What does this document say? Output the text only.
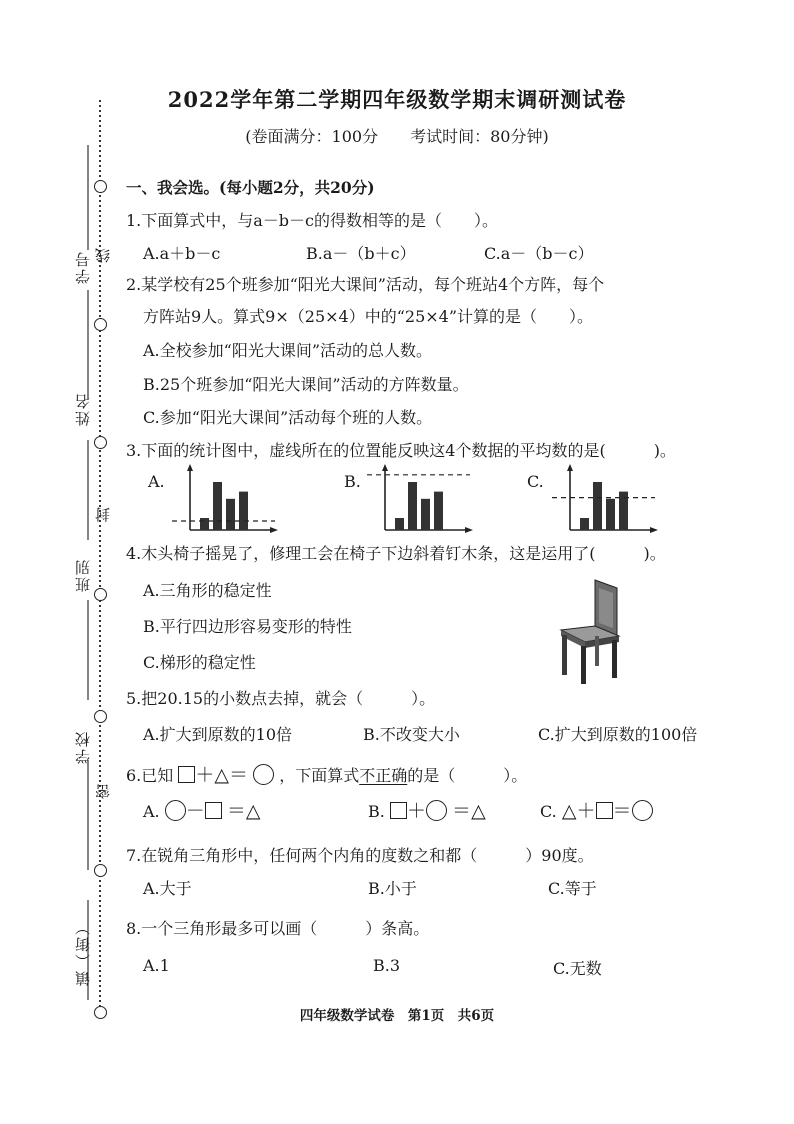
学号 线
姓名
封
班别
学校
密
镇（街）
2022学年第二学期四年级数学期末调研测试卷
(卷面满分：100分　　考试时间：80分钟)
一、我会选。(每小题2分，共20分)
1.下面算式中，与a－b－c的得数相等的是（　　）。
A.a＋b－c	B.a－（b＋c）	C.a－（b－c）
2.某学校有25个班参加“阳光大课间”活动，每个班站4个方阵，每个
方阵站9人。算式9×（25×4）中的“25×4”计算的是（　　）。
A.全校参加“阳光大课间”活动的总人数。
B.25个班参加“阳光大课间”活动的方阵数量。
C.参加“阳光大课间”活动每个班的人数。
3.下面的统计图中，虚线所在的位置能反映这4个数据的平均数的是(　　　)。
A.	B.	C.
4.木头椅子摇晃了，修理工会在椅子下边斜着钉木条，这是运用了(　　　)。
A.三角形的稳定性
B.平行四边形容易变形的特性
C.梯形的稳定性
5.把20.15的小数点去掉，就会（　　　）。
A.扩大到原数的10倍	B.不改变大小	C.扩大到原数的100倍
6.已知 ＋△＝ ，下面算式不正确的是（　　　）。
A. － ＝△	B. ＋ ＝△	C. △＋ ＝
7.在锐角三角形中，任何两个内角的度数之和都（　　　）90度。
A.大于	B.小于	C.等于
8.一个三角形最多可以画（　　　）条高。
A.1	B.3	C.无数
四年级数学试卷　第1页　共6页
